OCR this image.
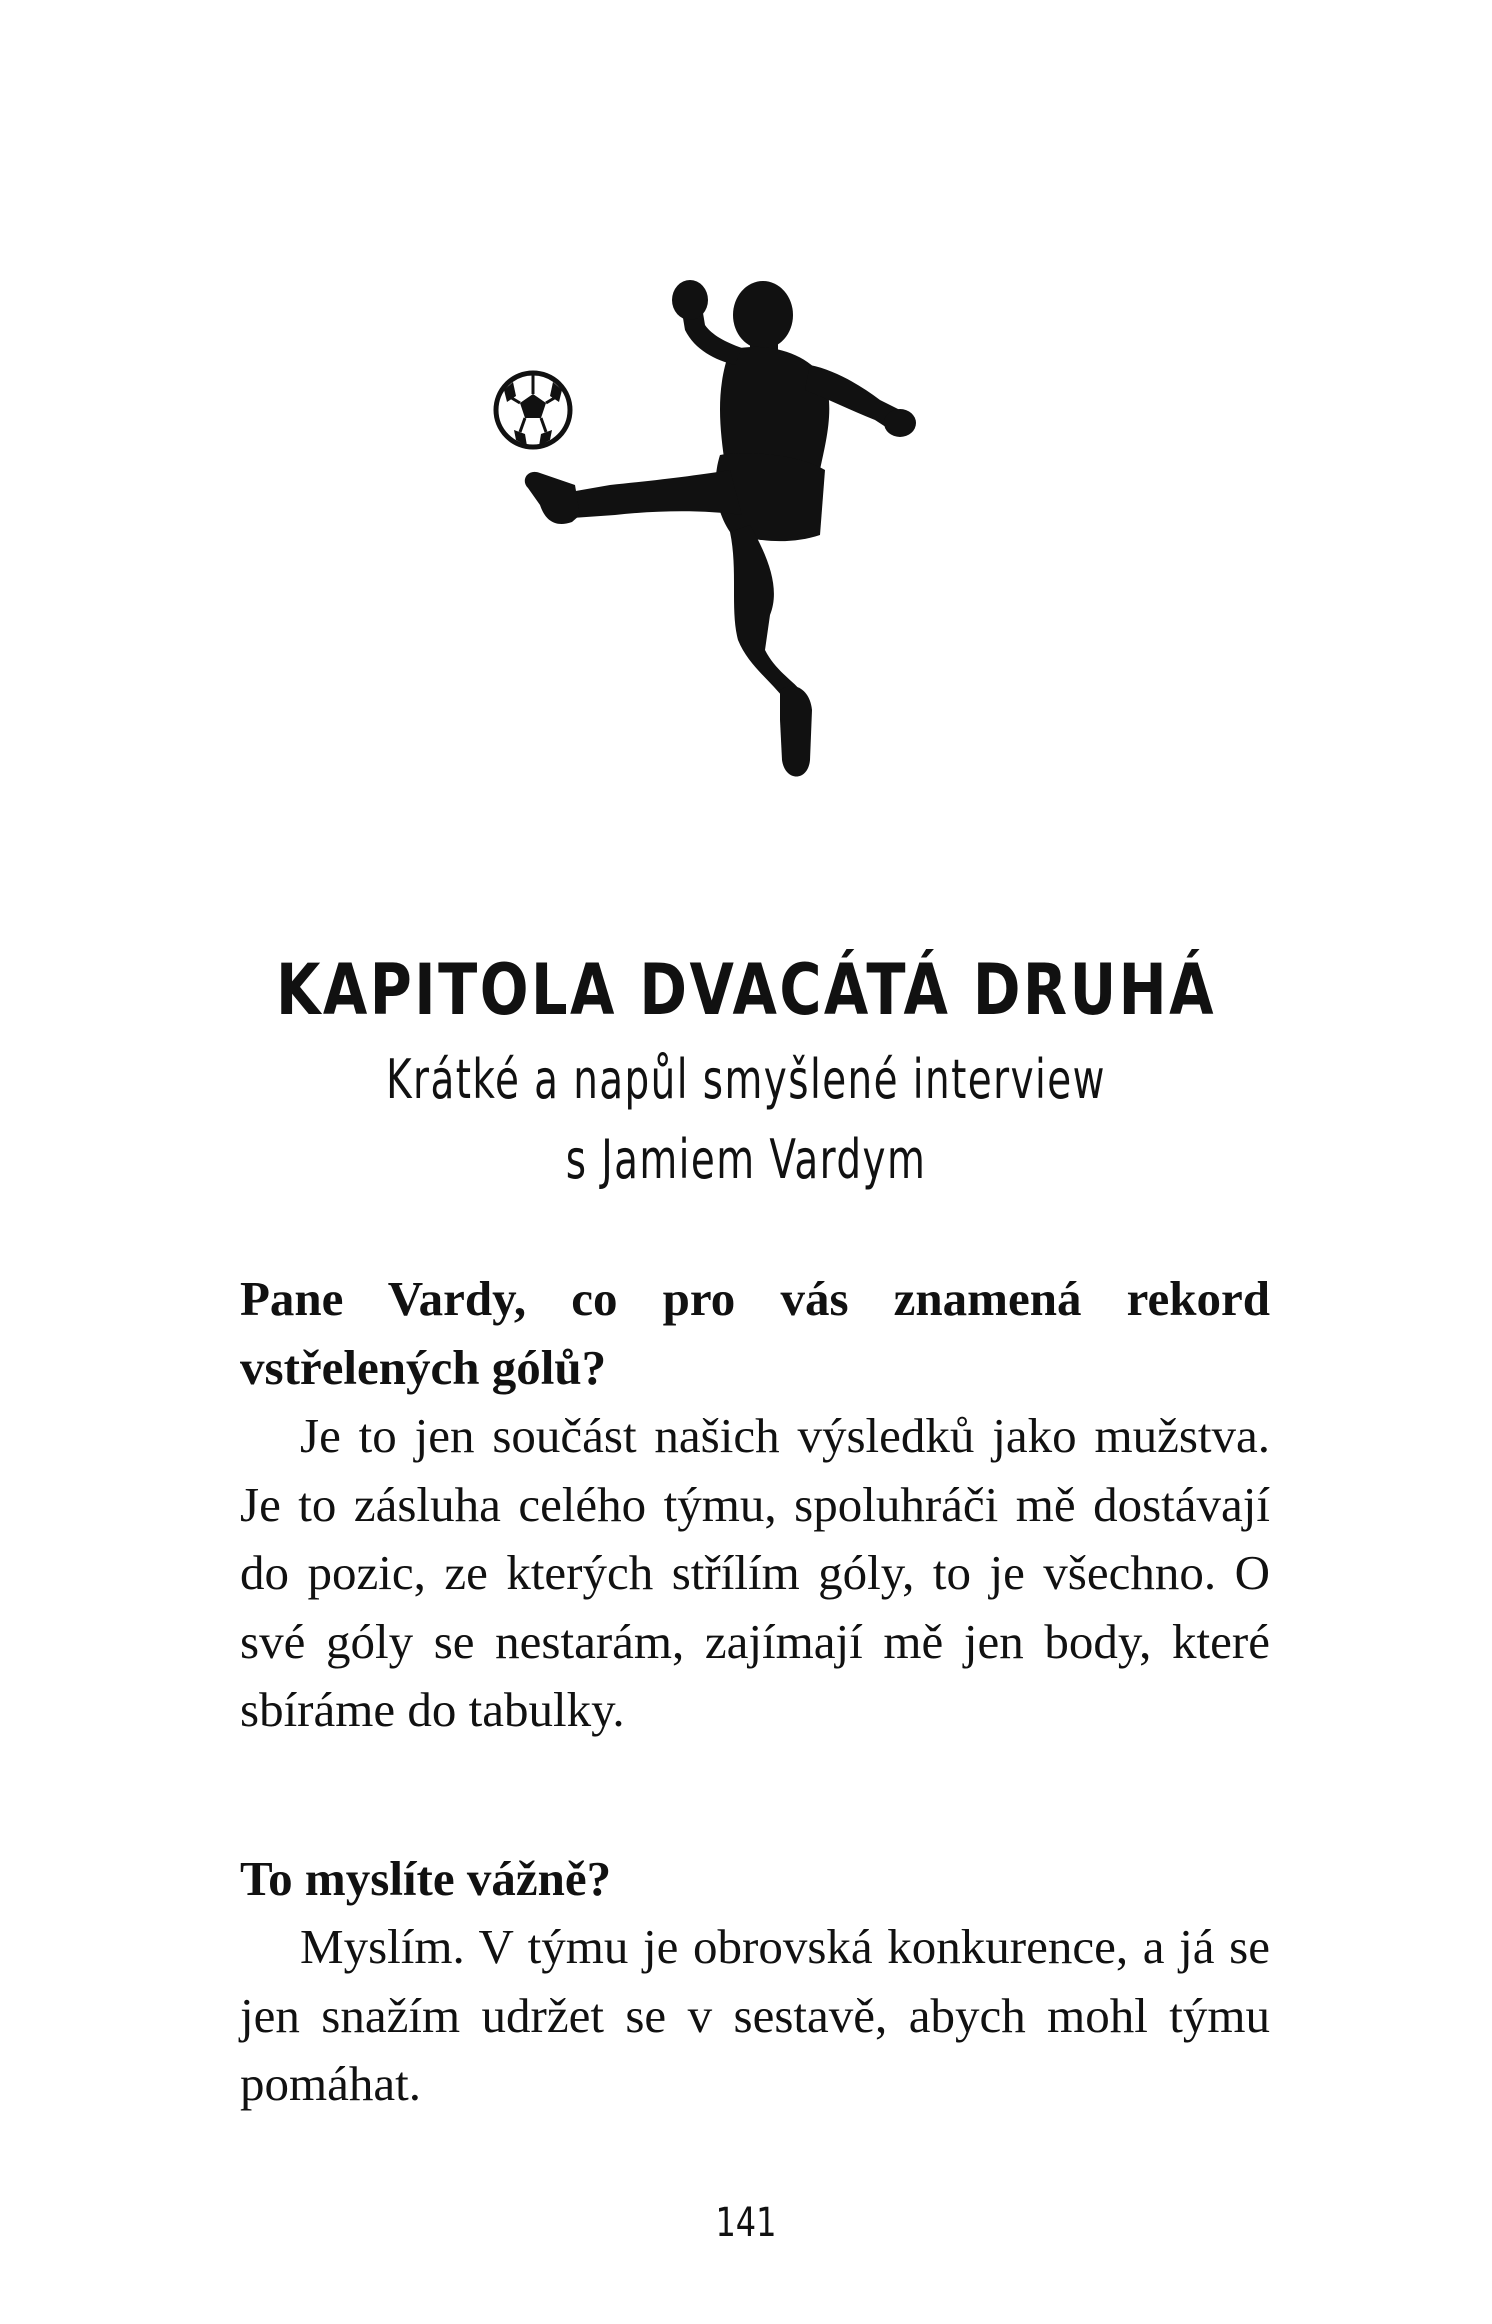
KAPITOLA DVACÁTÁ DRUHÁ

Krátké a napůl smyšlené interview

s Jamiem Vardym

Pane Vardy, co pro vás znamená rekord vstřelených gólů?

Je to jen součást našich výsledků jako mužstva. Je to zásluha celého týmu, spoluhráči mě dostávají do pozic, ze kterých střílím góly, to je všechno. O své góly se nestarám, zajímají mě jen body, které sbíráme do tabulky.

To myslíte vážně?

Myslím. V týmu je obrovská konkurence, a já se jen snažím udržet se v sestavě, abych mohl týmu pomáhat.

141
